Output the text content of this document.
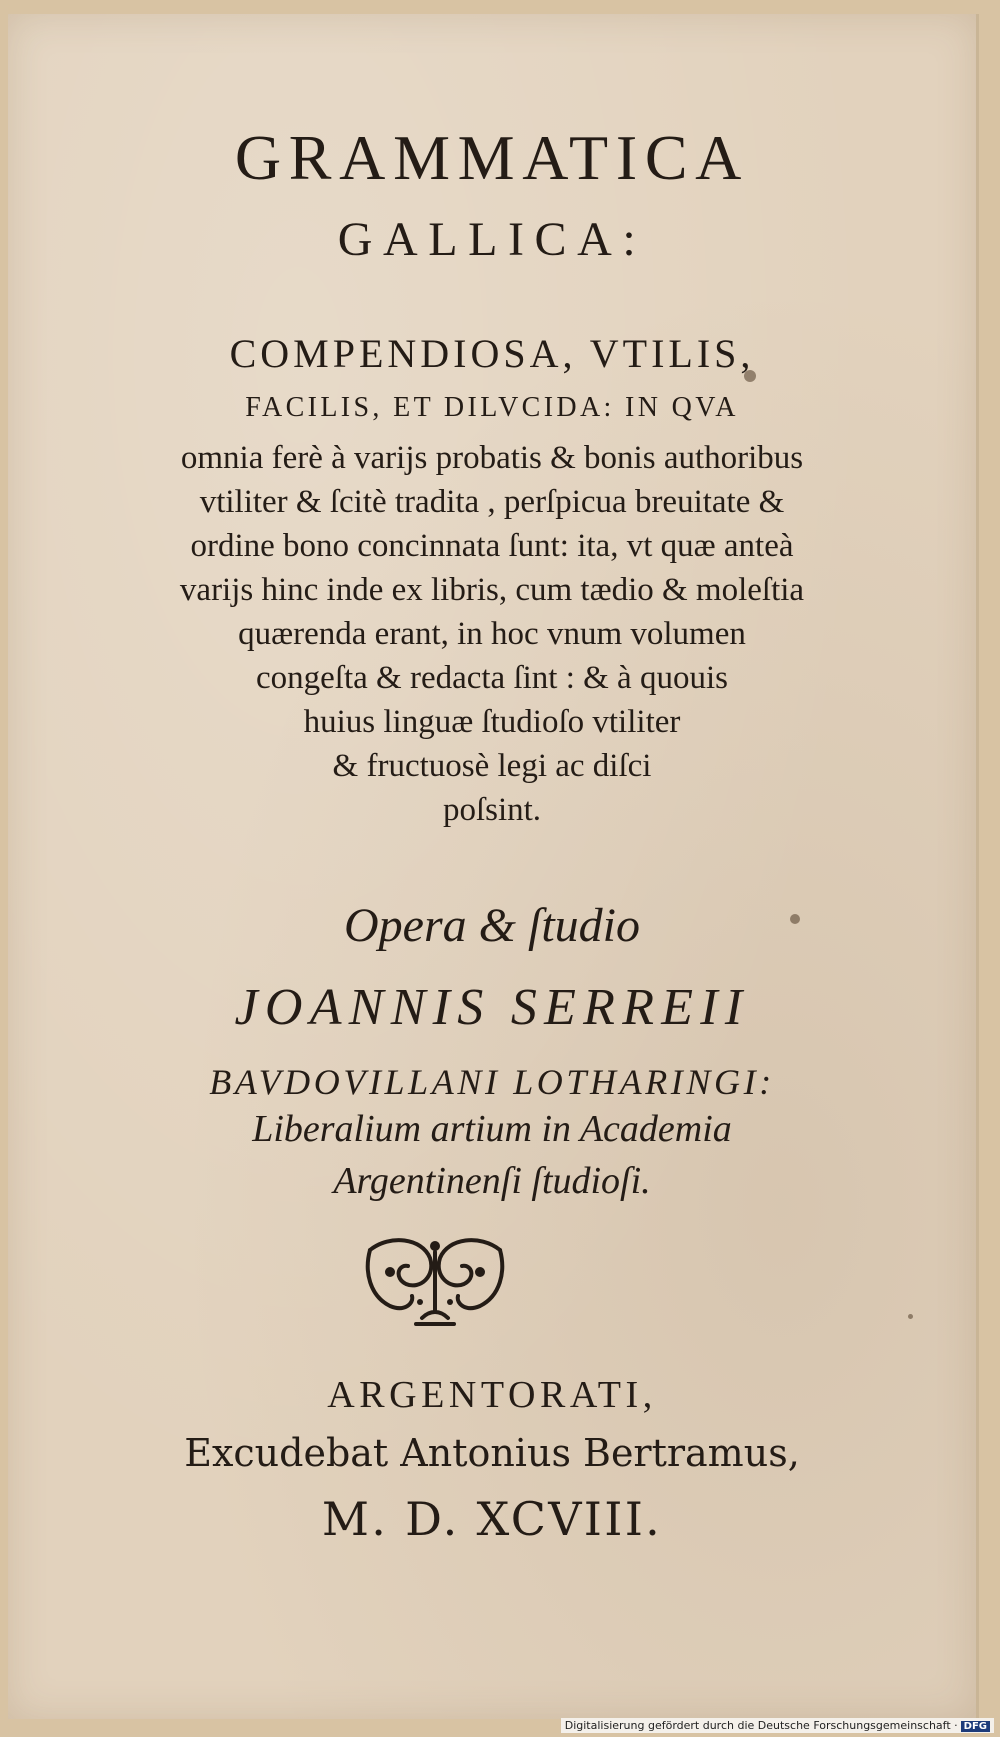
GRAMMATICA
GALLICA:
COMPENDIOSA, VTILIS,
FACILIS, ET DILVCIDA: IN QVA
omnia ferè à varijs probatis & bonis authoribus
vtiliter & ſcitè tradita , perſpicua breuitate &
ordine bono concinnata ſunt: ita, vt quæ anteà
varijs hinc inde ex libris, cum tædio & moleſtia
quærenda erant, in hoc vnum volumen
congeſta & redacta ſint : & à quouis
huius linguæ ſtudioſo vtiliter
& fructuosè legi ac diſci
poſsint.
Opera & ſtudio
JOANNIS SERREII
BAVDOVILLANI LOTHARINGI:
Liberalium artium in Academia
Argentinenſi ſtudioſi.
ARGENTORATI,
Excudebat Antonius Bertramus,
M. D. XCVIII.
Digitalisierung gefördert durch die Deutsche Forschungsgemeinschaft · DFG
